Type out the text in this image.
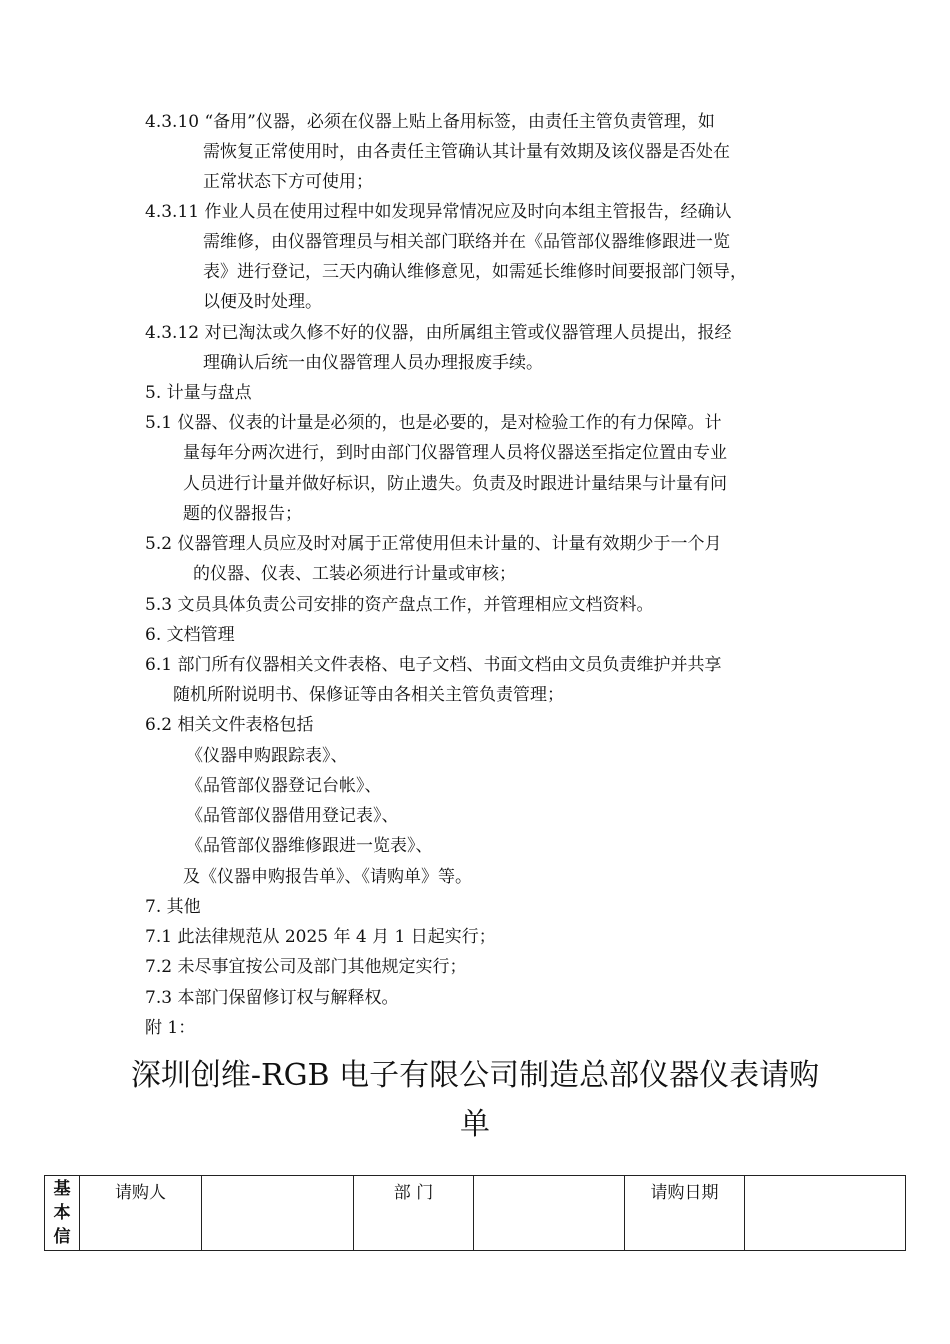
4.3.10 “备用”仪器，必须在仪器上贴上备用标签，由责任主管负责管理，如
需恢复正常使用时，由各责任主管确认其计量有效期及该仪器是否处在
正常状态下方可使用；
4.3.11 作业人员在使用过程中如发现异常情况应及时向本组主管报告，经确认
需维修，由仪器管理员与相关部门联络并在《品管部仪器维修跟进一览
表》进行登记，三天内确认维修意见，如需延长维修时间要报部门领导，
以便及时处理。
4.3.12 对已淘汰或久修不好的仪器，由所属组主管或仪器管理人员提出，报经
理确认后统一由仪器管理人员办理报废手续。
5. 计量与盘点
5.1 仪器、仪表的计量是必须的，也是必要的，是对检验工作的有力保障。计
量每年分两次进行，到时由部门仪器管理人员将仪器送至指定位置由专业
人员进行计量并做好标识，防止遗失。负责及时跟进计量结果与计量有问
题的仪器报告；
5.2 仪器管理人员应及时对属于正常使用但未计量的、计量有效期少于一个月
的仪器、仪表、工装必须进行计量或审核；
5.3 文员具体负责公司安排的资产盘点工作，并管理相应文档资料。
6. 文档管理
6.1 部门所有仪器相关文件表格、电子文档、书面文档由文员负责维护并共享
随机所附说明书、保修证等由各相关主管负责管理；
6.2 相关文件表格包括
《仪器申购跟踪表》、
《品管部仪器登记台帐》、
《品管部仪器借用登记表》、
《品管部仪器维修跟进一览表》、
及《仪器申购报告单》、《请购单》等。
7. 其他
7.1 此法律规范从 2025 年 4 月 1 日起实行；
7.2 未尽事宜按公司及部门其他规定实行；
7.3 本部门保留修订权与解释权。
附 1：
深圳创维-RGB 电子有限公司制造总部仪器仪表请购
单
基
本
信
	请购人		部 门		请购日期	
